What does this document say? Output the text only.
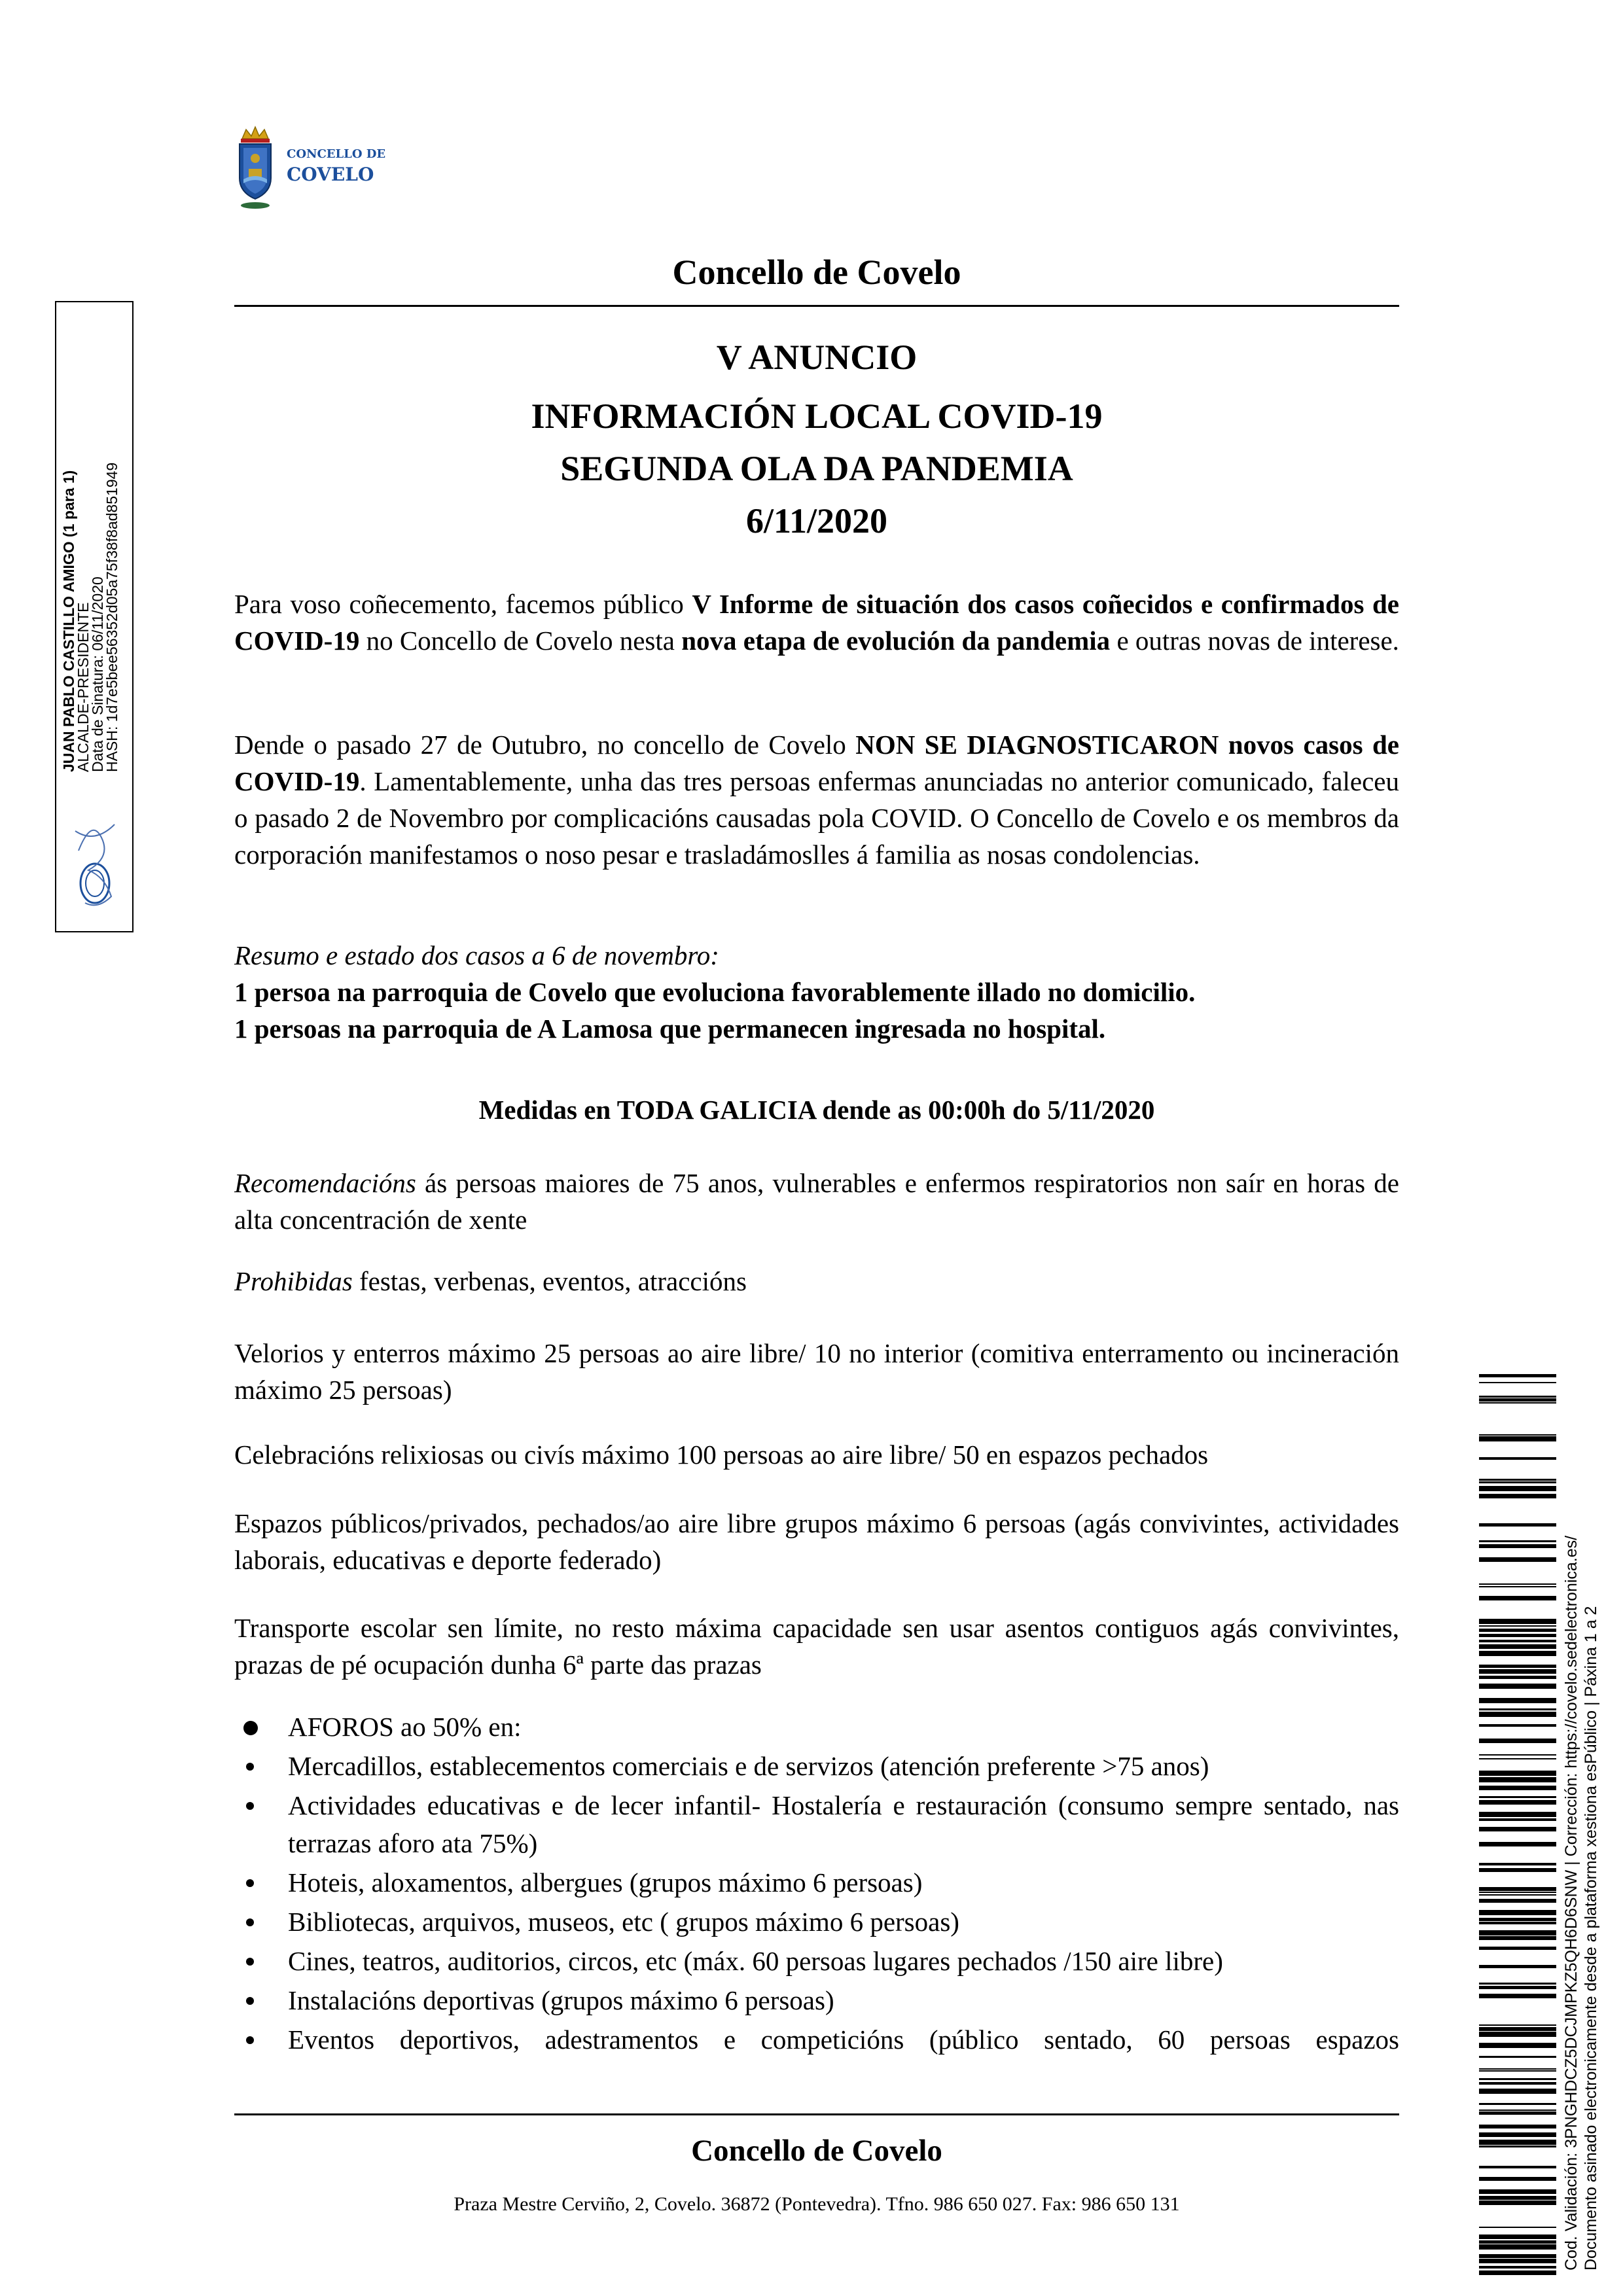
CONCELLO DE
COVELO
Concello de Covelo
V ANUNCIO
INFORMACIÓN LOCAL COVID-19
SEGUNDA OLA DA PANDEMIA
6/11/2020
Para voso coñecemento, facemos público V Informe de situación dos casos coñecidos e confirmados de COVID-19 no Concello de Covelo nesta nova etapa de evolución da pandemia e outras novas de interese.
Dende o pasado 27 de Outubro, no concello de Covelo NON SE DIAGNOSTICARON novos casos de COVID-19. Lamentablemente, unha das tres persoas enfermas anunciadas no anterior comunicado, faleceu o pasado 2 de Novembro por complicacións causadas pola COVID. O Concello de Covelo e os membros da corporación manifestamos o noso pesar e trasladámoslles á familia as nosas condolencias.
Resumo e estado dos casos a 6 de novembro:
1 persoa na parroquia de Covelo que evoluciona favorablemente illado no domicilio.
1 persoas na parroquia de A Lamosa que permanecen ingresada no hospital.
Medidas en TODA GALICIA dende as 00:00h do 5/11/2020
Recomendacións ás persoas maiores de 75 anos, vulnerables e enfermos respiratorios non saír en horas de alta concentración de xente
Prohibidas festas, verbenas, eventos, atraccións
Velorios y enterros máximo 25 persoas ao aire libre/ 10 no interior (comitiva enterramento ou incineración máximo 25 persoas)
Celebracións relixiosas ou civís máximo 100 persoas ao aire libre/ 50 en espazos pechados
Espazos públicos/privados, pechados/ao aire libre grupos máximo 6 persoas (agás convivintes, actividades laborais, educativas e deporte federado)
Transporte escolar sen límite, no resto máxima capacidade sen usar asentos contiguos agás convivintes, prazas de pé ocupación dunha 6ª parte das prazas
AFOROS ao 50% en:
Mercadillos, establecementos comerciais e de servizos (atención preferente >75 anos)
Actividades educativas e de lecer infantil- Hostalería e restauración (consumo sempre sentado, nas terrazas aforo ata 75%)
Hoteis, aloxamentos, albergues (grupos máximo 6 persoas)
Bibliotecas, arquivos, museos, etc ( grupos máximo 6 persoas)
Cines, teatros, auditorios, circos, etc (máx. 60 persoas lugares pechados /150 aire libre)
Instalacións deportivas (grupos máximo 6 persoas)
Eventos deportivos, adestramentos e competicións (público sentado, 60 persoas espazos
Concello de Covelo
Praza Mestre Cerviño, 2, Covelo. 36872 (Pontevedra). Tfno. 986 650 027. Fax: 986 650 131
JUAN PABLO CASTILLO AMIGO (1 para 1)
ALCALDE-PRESIDENTE
Data de Sinatura: 06/11/2020
HASH: 1d7e5bee56352d05a75f38f8ad851949
Cod. Validación: 3PNGHDCZ5DCJMPKZ5QH6D6SNW | Corrección: https://covelo.sedelectronica.es/ Documento asinado electronicamente desde a plataforma xestiona esPúblico | Páxina 1 a 2
